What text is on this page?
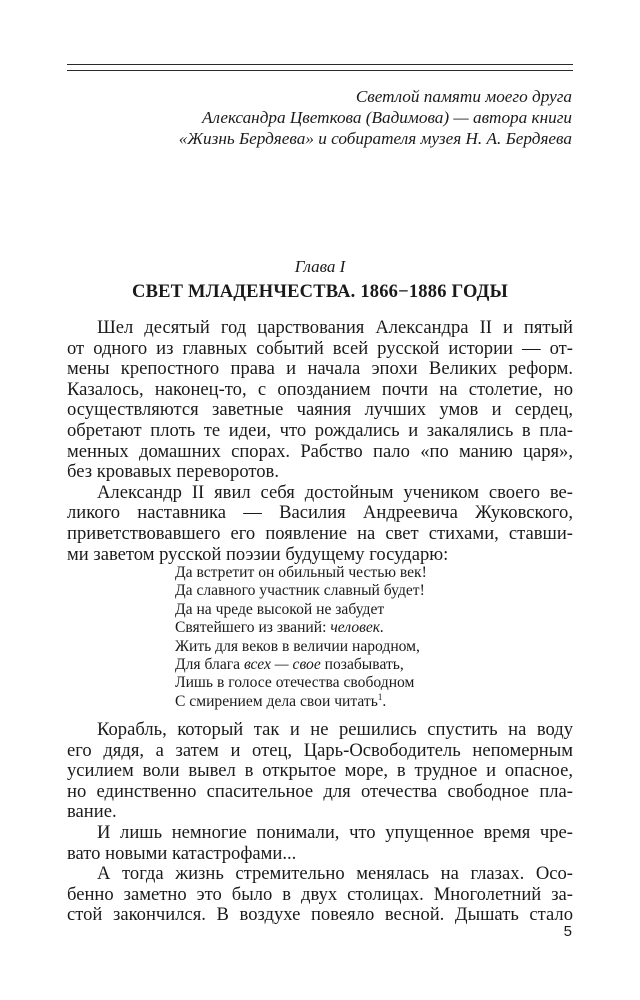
Светлой памяти моего друга
Александра Цветкова (Вадимова) — автора книги
«Жизнь Бердяева» и собирателя музея Н. А. Бердяева
Глава I
СВЕТ МЛАДЕНЧЕСТВА. 1866−1886 ГОДЫ
Шел десятый год царствования Александра II и пятый
от одного из главных событий всей русской истории — от-
мены крепостного права и начала эпохи Великих реформ.
Казалось, наконец-то, с опозданием почти на столетие, но
осуществляются заветные чаяния лучших умов и сердец,
обретают плоть те идеи, что рождались и закалялись в пла-
менных домашних спорах. Рабство пало «по манию царя»,
без кровавых переворотов.
Александр II явил себя достойным учеником своего ве-
ликого наставника — Василия Андреевича Жуковского,
приветствовавшего его появление на свет стихами, ставши-
ми заветом русской поэзии будущему государю:
Да встретит он обильный честью век!
Да славного участник славный будет!
Да на чреде высокой не забудет
Святейшего из званий: человек.
Жить для веков в величии народном,
Для блага всех — свое позабывать,
Лишь в голосе отечества свободном
С смирением дела свои читать$^1$.
Корабль, который так и не решились спустить на воду
его дядя, а затем и отец, Царь-Освободитель непомерным
усилием воли вывел в открытое море, в трудное и опасное,
но единственно спасительное для отечества свободное пла-
вание.
И лишь немногие понимали, что упущенное время чре-
вато новыми катастрофами...
А тогда жизнь стремительно менялась на глазах. Осо-
бенно заметно это было в двух столицах. Многолетний за-
стой закончился. В воздухе повеяло весной. Дышать стало
5
